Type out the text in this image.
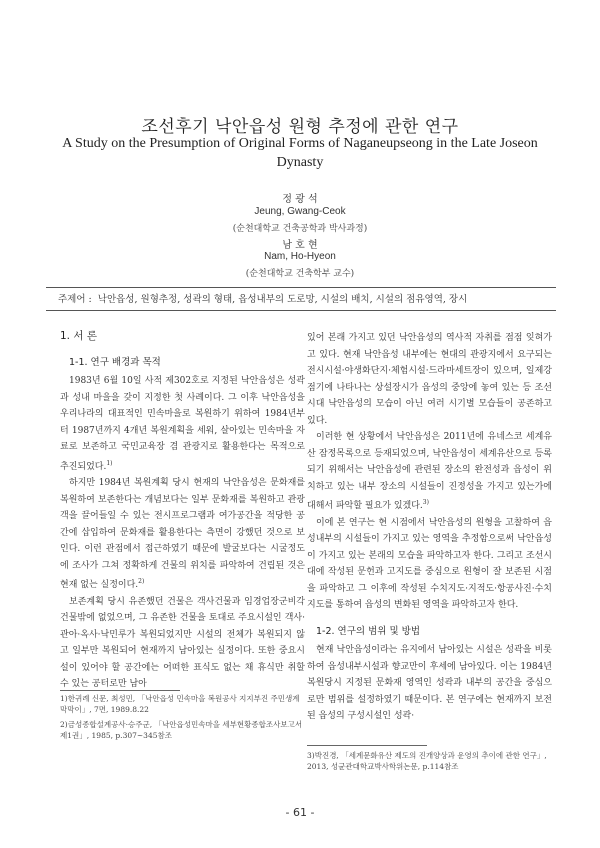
조선후기 낙안읍성 원형 추정에 관한 연구
A Study on the Presumption of Original Forms of Naganeupseong in the Late Joseon Dynasty
정 광 석
Jeung, Gwang-Ceok
(순천대학교 건축공학과 박사과정)
남 호 현
Nam, Ho-Hyeon
(순천대학교 건축학부 교수)
주제어 : 낙안읍성, 원형추정, 성곽의 형태, 읍성내부의 도로망, 시설의 배치, 시설의 점유영역, 장시
1. 서 론
1-1. 연구 배경과 목적

1983년 6월 10일 사적 제302호로 지정된 낙안읍성은 성곽과 성내 마을을 갖이 지정한 첫 사례이다. 그 이후 낙안읍성을 우리나라의 대표적인 민속마을로 복원하기 위하여 1984년부터 1987년까지 4개년 복원계획을 세워, 살아있는 민속마을 자료로 보존하고 국민교육장 겸 관광지로 활용한다는 목적으로 추진되었다.$^{1)}$

하지만 1984년 복원계획 당시 현재의 낙안읍성은 문화재를 복원하여 보존한다는 개념보다는 일부 문화재를 복원하고 관광객을 끌어들일 수 있는 전시프로그램과 여가공간을 적당한 공간에 삽입하여 문화재를 활용한다는 측면이 강했던 것으로 보인다. 이런 관점에서 접근하였기 때문에 발굴보다는 시굴정도에 조사가 그쳐 정확하게 건물의 위치를 파악하여 건립된 것은 현재 없는 실정이다.$^{2)}$

보존계획 당시 유존했던 건물은 객사건물과 임경업장군비각 건물밖에 없었으며, 그 유존한 건물을 토대로 주요시설인 객사·관아·옥사·낙민루가 복원되었지만 시설의 전체가 복원되지 않고 일부만 복원되어 현재까지 남아있는 실정이다. 또한 중요시설이 있어야 할 공간에는 어떠한 표식도 없는 채 휴식만 취할 수 있는 공터로만 남아

1)한귀례 신문, 최성민, 「낙안읍성 민속마을 복원공사 지지부진 주민생계 막막이」, 7면, 1989.8.22

2)금성종합설계공사·승주군, 「낙안읍성민속마을 세부현황종합조사보고서 제1권」, 1985, p.307~345참조

있어 본래 가지고 있던 낙안읍성의 역사적 자취를 점점 잊혀가고 있다. 현재 낙안읍성 내부에는 현대의 관광지에서 요구되는 전시시설·야생화단지·체험시설·드라마세트장이 있으며, 일제강점기에 나타나는 상설장시가 읍성의 중앙에 놓여 있는 등 조선시대 낙안읍성의 모습이 아닌 여러 시기별 모습들이 공존하고 있다.

이러한 현 상황에서 낙안읍성은 2011년에 유네스코 세계유산 잠정목록으로 등재되었으며, 낙안읍성이 세계유산으로 등록되기 위해서는 낙안읍성에 관련된 장소의 완전성과 읍성이 위치하고 있는 내부 장소의 시설들이 진정성을 가지고 있는가에 대해서 파악할 필요가 있겠다.$^{3)}$

이에 본 연구는 현 시점에서 낙안읍성의 원형을 고찰하여 읍성내부의 시설들이 가지고 있는 영역을 추정함으로써 낙안읍성이 가지고 있는 본래의 모습을 파악하고자 한다. 그리고 조선시대에 작성된 문헌과 고지도를 중심으로 원형이 잘 보존된 시점을 파악하고 그 이후에 작성된 수치지도·지적도·항공사진·수치지도를 통하여 읍성의 변화된 영역을 파악하고자 한다.

1-2. 연구의 범위 및 방법

현재 낙안읍성이라는 유지에서 남아있는 시설은 성곽을 비롯하여 읍성내부시설과 향교만이 후세에 남아있다. 이는 1984년 복원당시 지정된 문화재 영역인 성곽과 내부의 공간을 중심으로만 범위를 설정하였기 때문이다. 본 연구에는 현재까지 보전된 읍성의 구성시설인 성곽·

- 61 -

3)박진경, 「세계문화유산 제도의 진개양상과 운영의 추이에 관한 연구」, 2013, 성균관대학교박사학위논문, p.114참조
